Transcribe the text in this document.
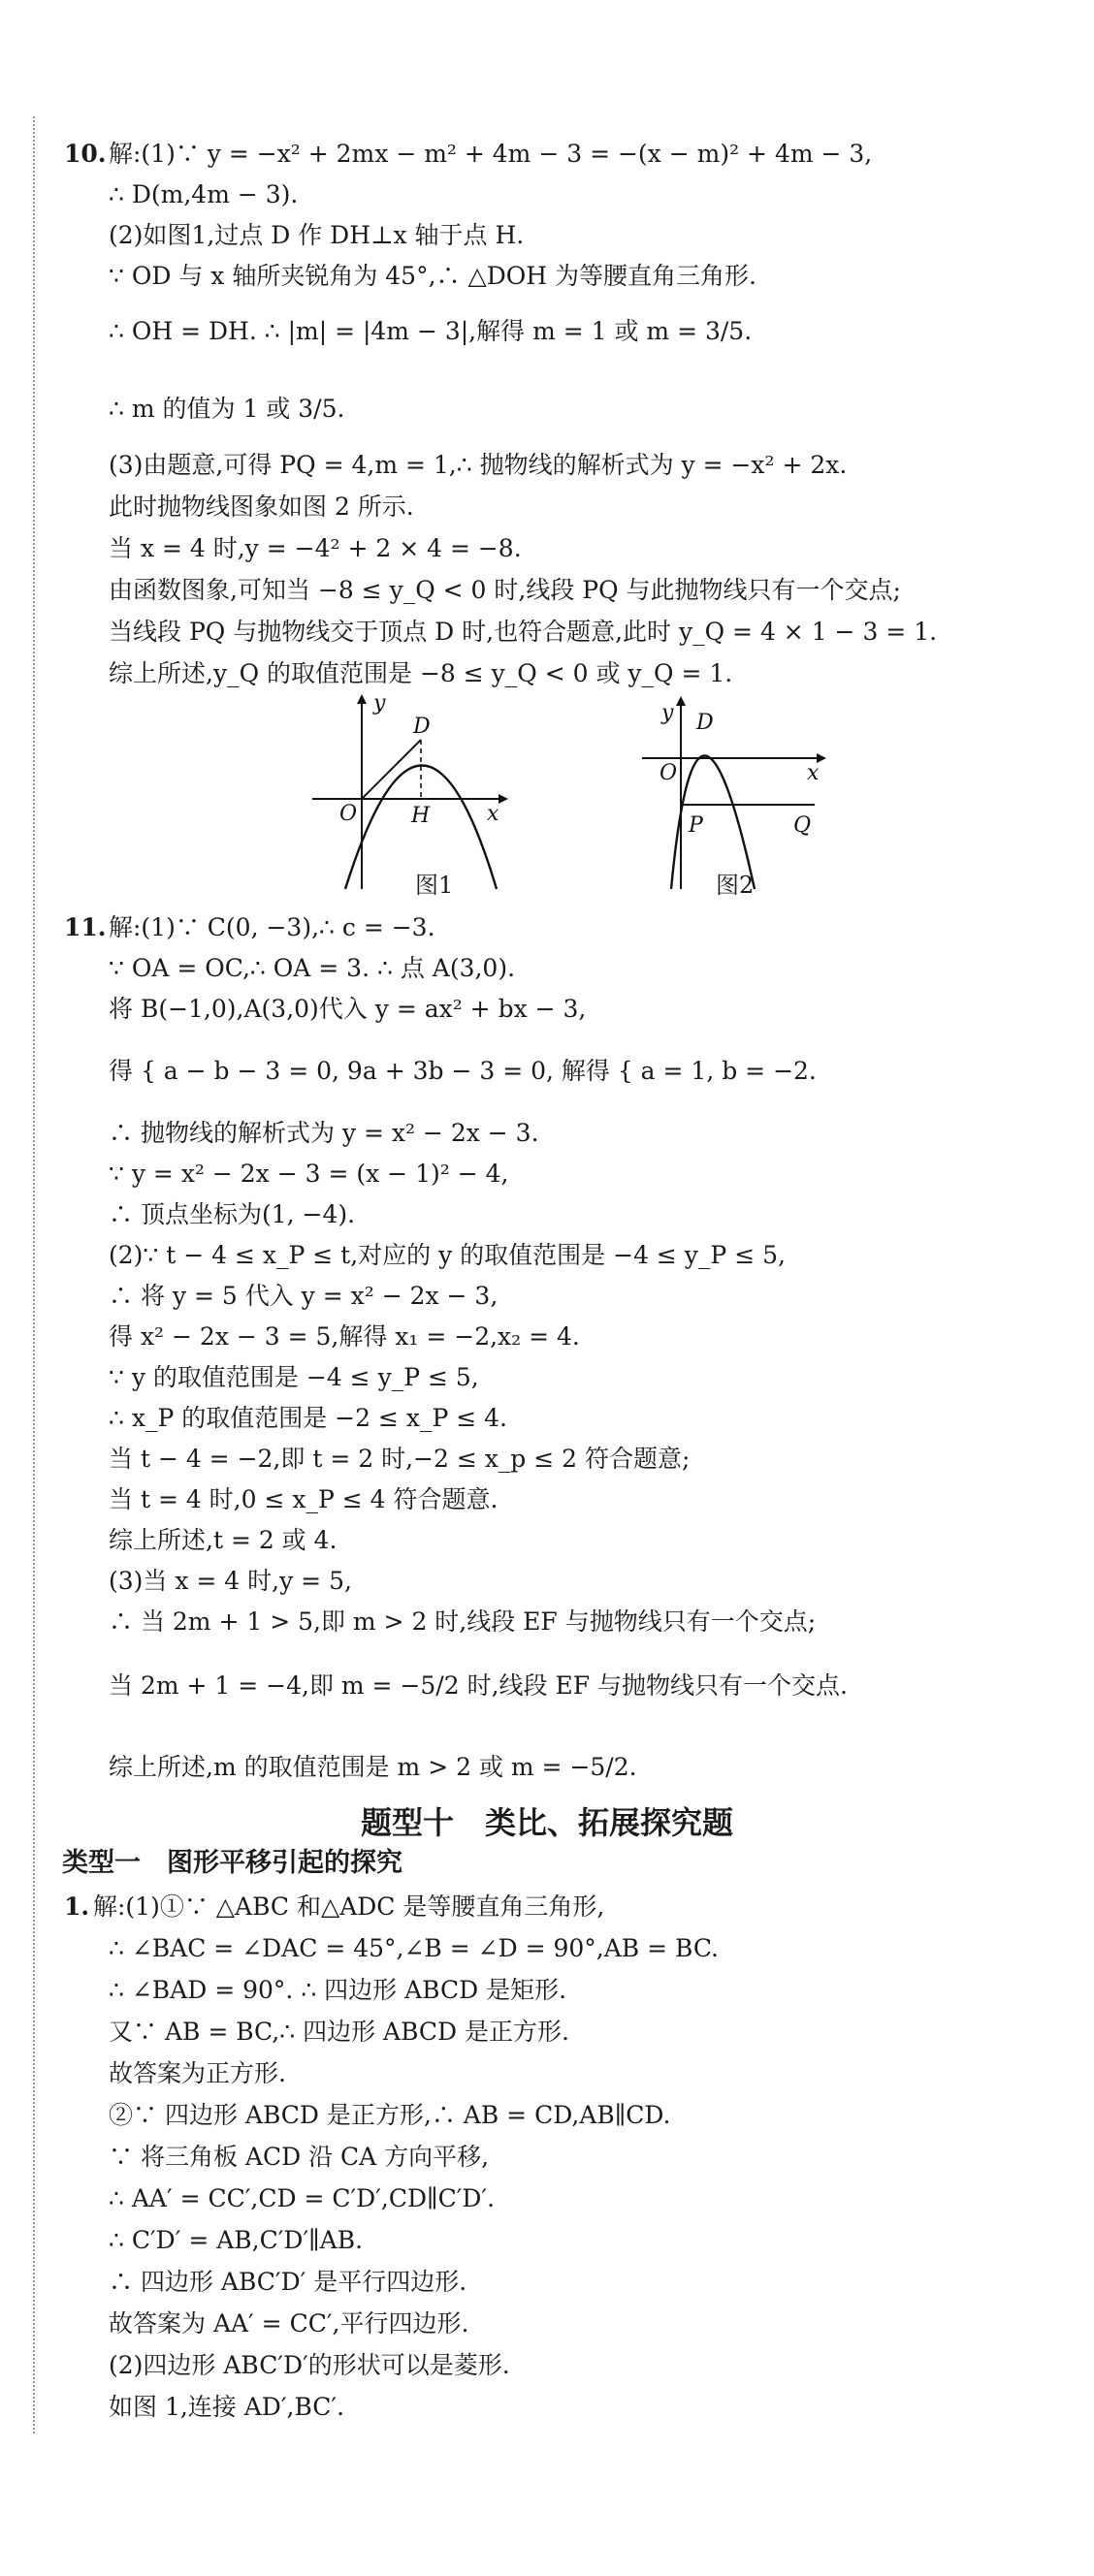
10. 解:(1)∵ y = −x² + 2mx − m² + 4m − 3 = −(x − m)² + 4m − 3,
∴ D(m,4m − 3).
(2)如图1,过点 D 作 DH⊥x 轴于点 H.
∵ OD 与 x 轴所夹锐角为 45°,∴ △DOH 为等腰直角三角形.
∴ OH = DH. ∴ |m| = |4m − 3|,解得 m = 1 或 m = 3/5.
∴ m 的值为 1 或 3/5.
(3)由题意,可得 PQ = 4,m = 1,∴ 抛物线的解析式为 y = −x² + 2x.
此时抛物线图象如图 2 所示.
当 x = 4 时,y = −4² + 2 × 4 = −8.
由函数图象,可知当 −8 ≤ y_Q < 0 时,线段 PQ 与此抛物线只有一个交点;
当线段 PQ 与抛物线交于顶点 D 时,也符合题意,此时 y_Q = 4 × 1 − 3 = 1.
综上所述,y_Q 的取值范围是 −8 ≤ y_Q < 0 或 y_Q = 1.
y
D
O	H	x
图1
y D
O	x
P	Q
图2
11. 解:(1)∵ C(0, −3),∴ c = −3.
∵ OA = OC,∴ OA = 3. ∴ 点 A(3,0).
将 B(−1,0),A(3,0)代入 y = ax² + bx − 3,
得 { a − b − 3 = 0, 9a + 3b − 3 = 0, 解得 { a = 1, b = −2.
∴ 抛物线的解析式为 y = x² − 2x − 3.
∵ y = x² − 2x − 3 = (x − 1)² − 4,
∴ 顶点坐标为(1, −4).
(2)∵ t − 4 ≤ x_P ≤ t,对应的 y 的取值范围是 −4 ≤ y_P ≤ 5,
∴ 将 y = 5 代入 y = x² − 2x − 3,
得 x² − 2x − 3 = 5,解得 x₁ = −2,x₂ = 4.
∵ y 的取值范围是 −4 ≤ y_P ≤ 5,
∴ x_P 的取值范围是 −2 ≤ x_P ≤ 4.
当 t − 4 = −2,即 t = 2 时,−2 ≤ x_p ≤ 2 符合题意;
当 t = 4 时,0 ≤ x_P ≤ 4 符合题意.
综上所述,t = 2 或 4.
(3)当 x = 4 时,y = 5,
∴ 当 2m + 1 > 5,即 m > 2 时,线段 EF 与抛物线只有一个交点;
当 2m + 1 = −4,即 m = −5/2 时,线段 EF 与抛物线只有一个交点.
综上所述,m 的取值范围是 m > 2 或 m = −5/2.
题型十　类比、拓展探究题
类型一　图形平移引起的探究
1. 解:(1)①∵ △ABC 和△ADC 是等腰直角三角形,
∴ ∠BAC = ∠DAC = 45°,∠B = ∠D = 90°,AB = BC.
∴ ∠BAD = 90°. ∴ 四边形 ABCD 是矩形.
又∵ AB = BC,∴ 四边形 ABCD 是正方形.
故答案为正方形.
②∵ 四边形 ABCD 是正方形,∴ AB = CD,AB∥CD.
∵ 将三角板 ACD 沿 CA 方向平移,
∴ AA′ = CC′,CD = C′D′,CD∥C′D′.
∴ C′D′ = AB,C′D′∥AB.
∴ 四边形 ABC′D′ 是平行四边形.
故答案为 AA′ = CC′,平行四边形.
(2)四边形 ABC′D′的形状可以是菱形.
如图 1,连接 AD′,BC′.
